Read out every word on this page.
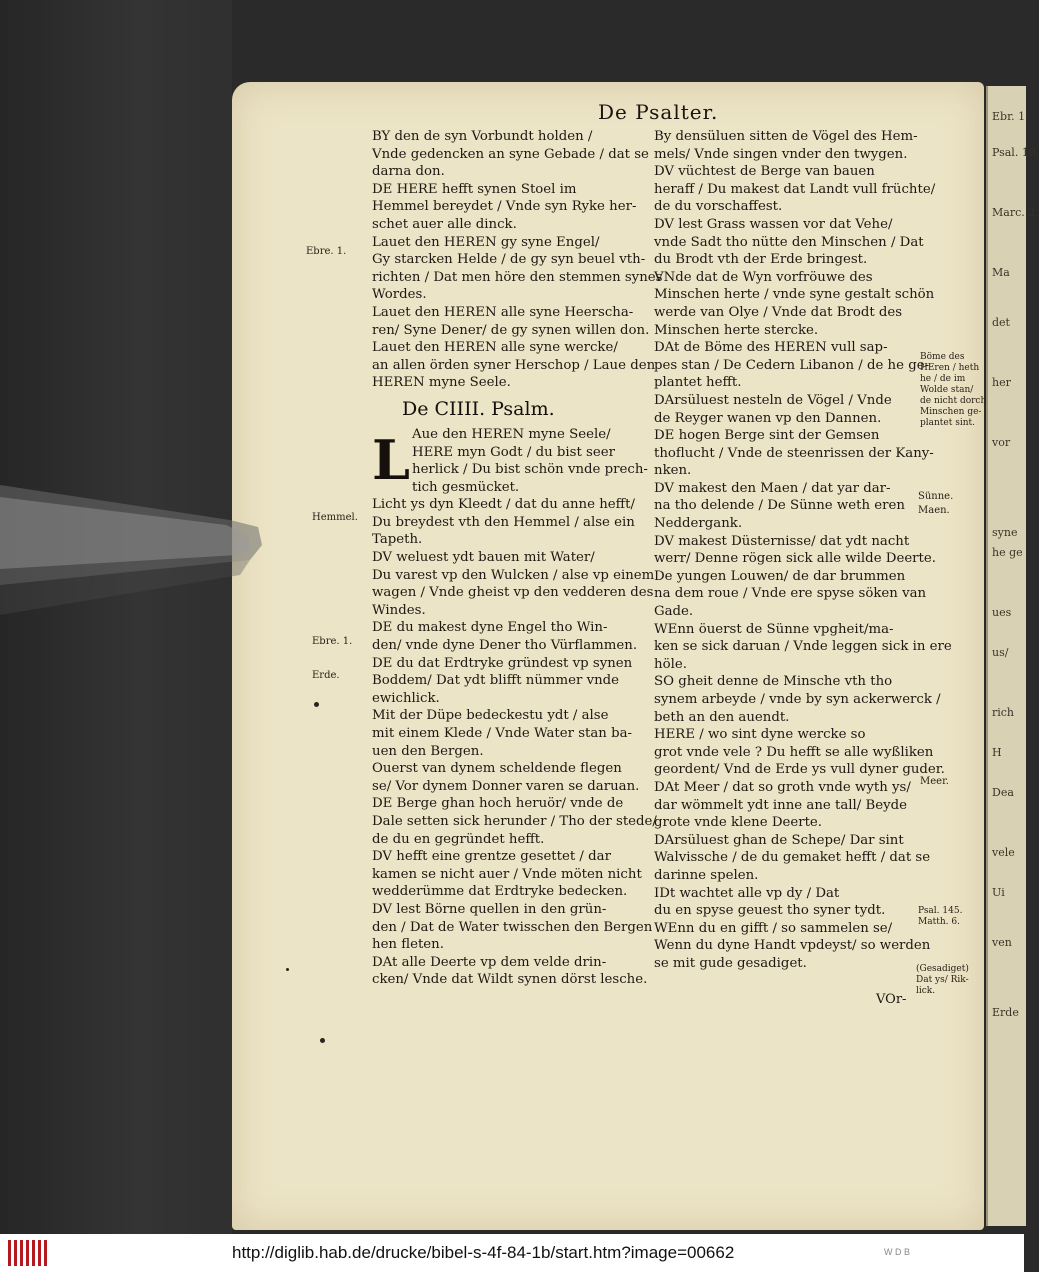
Ebr. 1.
Psal. 10.
Marc. 2.
Ma
det
her
vor
syne
he ge
ues
us/
rich
H
Dea
vele
Ui
ven
Erde
De Psalter.
BY den de syn Vorbundt holden /
Vnde gedencken an syne Gebade / dat se
darna don.
DE HERE hefft synen Stoel im
Hemmel bereydet / Vnde syn Ryke her-
schet auer alle dinck.
Lauet den HEREN gy syne Engel/
Gy starcken Helde / de gy syn beuel vth-
richten / Dat men höre den stemmen synes
Wordes.
Lauet den HEREN alle syne Heerscha-
ren/ Syne Dener/ de gy synen willen don.
Lauet den HEREN alle syne wercke/
an allen örden syner Herschop / Laue den
HEREN myne Seele.
De CIIII. Psalm.
Aue den HEREN myne Seele/
HERE myn Godt / du bist seer
herlick / Du bist schön vnde prech-
tich gesmücket.
Licht ys dyn Kleedt / dat du anne hefft/
Du breydest vth den Hemmel / alse ein
Tapeth.
DV weluest ydt bauen mit Water/
Du varest vp den Wulcken / alse vp einem
wagen / Vnde gheist vp den vedderen des
Windes.
DE du makest dyne Engel tho Win-
den/ vnde dyne Dener tho Vürflammen.
DE du dat Erdtryke gründest vp synen
Boddem/ Dat ydt blifft nümmer vnde
ewichlick.
Mit der Düpe bedeckestu ydt / alse
mit einem Klede / Vnde Water stan ba-
uen den Bergen.
Ouerst van dynem scheldende flegen
se/ Vor dynem Donner varen se daruan.
DE Berge ghan hoch heruör/ vnde de
Dale setten sick herunder / Tho der stede/
de du en gegründet hefft.
DV hefft eine grentze gesettet / dar
kamen se nicht auer / Vnde möten nicht
wedderümme dat Erdtryke bedecken.
DV lest Börne quellen in den grün-
den / Dat de Water twisschen den Bergen
hen fleten.
DAt alle Deerte vp dem velde drin-
cken/ Vnde dat Wildt synen dörst lesche.
L
By densüluen sitten de Vögel des Hem-
mels/ Vnde singen vnder den twygen.
DV vüchtest de Berge van bauen
heraff / Du makest dat Landt vull früchte/
de du vorschaffest.
DV lest Grass wassen vor dat Vehe/
vnde Sadt tho nütte den Minschen / Dat
du Brodt vth der Erde bringest.
VNde dat de Wyn vorfröuwe des
Minschen herte / vnde syne gestalt schön
werde van Olye / Vnde dat Brodt des
Minschen herte stercke.
DAt de Böme des HEREN vull sap-
pes stan / De Cedern Libanon / de he ge-
plantet hefft.
DArsüluest nesteln de Vögel / Vnde
de Reyger wanen vp den Dannen.
DE hogen Berge sint der Gemsen
thoflucht / Vnde de steenrissen der Kany-
nken.
DV makest den Maen / dat yar dar-
na tho delende / De Sünne weth eren
Neddergank.
DV makest Düsternisse/ dat ydt nacht
werr/ Denne rögen sick alle wilde Deerte.
De yungen Louwen/ de dar brummen
na dem roue / Vnde ere spyse söken van
Gade.
WEnn öuerst de Sünne vpgheit/ma-
ken se sick daruan / Vnde leggen sick in ere
höle.
SO gheit denne de Minsche vth tho
synem arbeyde / vnde by syn ackerwerck /
beth an den auendt.
HERE / wo sint dyne wercke so
grot vnde vele ? Du hefft se alle wyßliken
geordent/ Vnd de Erde ys vull dyner guder.
DAt Meer / dat so groth vnde wyth ys/
dar wömmelt ydt inne ane tall/ Beyde
grote vnde klene Deerte.
DArsüluest ghan de Schepe/ Dar sint
Walvissche / de du gemaket hefft / dat se
darinne spelen.
IDt wachtet alle vp dy / Dat
du en spyse geuest tho syner tydt.
WEnn du en gifft / so sammelen se/
Wenn du dyne Handt vpdeyst/ so werden
se mit gude gesadiget.
Ebre. 1.
Hemmel.
Ebre. 1.
Erde.
Böme des
HEren / heth
he / de im
Wolde stan/
de nicht dorch
Minschen ge-
plantet sint.
Sünne.
Maen.
Meer.
Psal. 145.
Matth. 6.
(Gesadiget)
Dat ys/ Rik-
lick.
VOr-
http://diglib.hab.de/drucke/bibel-s-4f-84-1b/start.htm?image=00662	W D B
